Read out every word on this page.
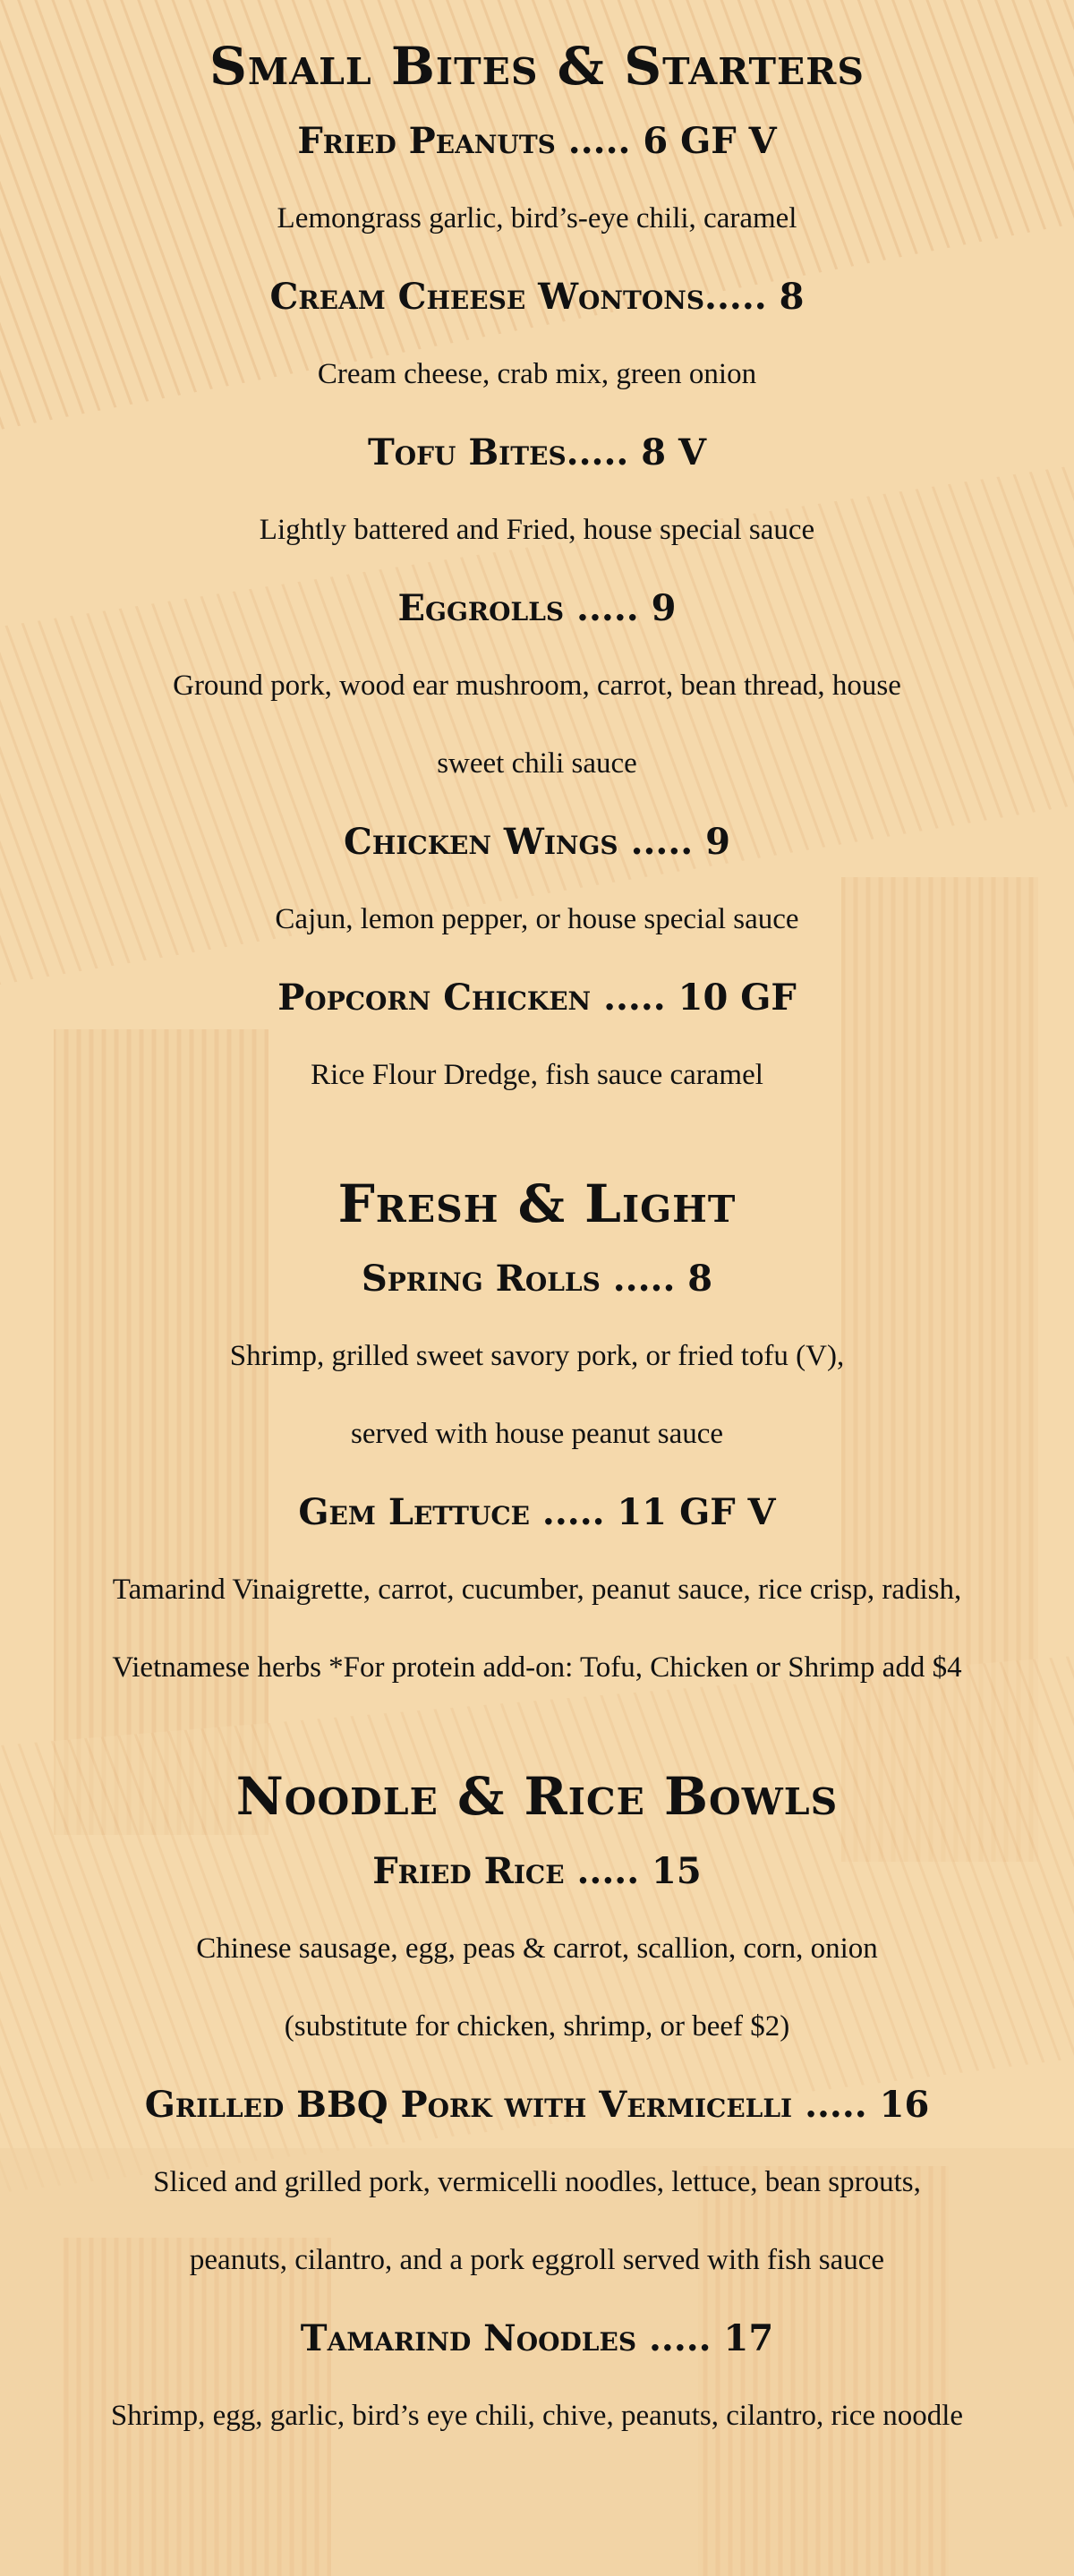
Small Bites & Starters
Fried Peanuts ..... 6 GF V

Lemongrass garlic, bird’s-eye chili, caramel

Cream Cheese Wontons..... 8

Cream cheese, crab mix, green onion

Tofu Bites..... 8 V

Lightly battered and Fried, house special sauce

Eggrolls ..... 9

Ground pork, wood ear mushroom, carrot, bean thread, house

sweet chili sauce

Chicken Wings ..... 9

Cajun, lemon pepper, or house special sauce

Popcorn Chicken ..... 10 GF

Rice Flour Dredge, fish sauce caramel

Fresh & Light
Spring Rolls ..... 8

Shrimp, grilled sweet savory pork, or fried tofu (V),

served with house peanut sauce

Gem Lettuce ..... 11 GF V

Tamarind Vinaigrette, carrot, cucumber, peanut sauce, rice crisp, radish,

Vietnamese herbs *For protein add-on: Tofu, Chicken or Shrimp add $4

Noodle & Rice Bowls
Fried Rice ..... 15

Chinese sausage, egg, peas & carrot, scallion, corn, onion

(substitute for chicken, shrimp, or beef $2)

Grilled BBQ Pork with Vermicelli ..... 16

Sliced and grilled pork, vermicelli noodles, lettuce, bean sprouts,

peanuts, cilantro, and a pork eggroll served with fish sauce

Tamarind Noodles ..... 17

Shrimp, egg, garlic, bird’s eye chili, chive, peanuts, cilantro, rice noodle
